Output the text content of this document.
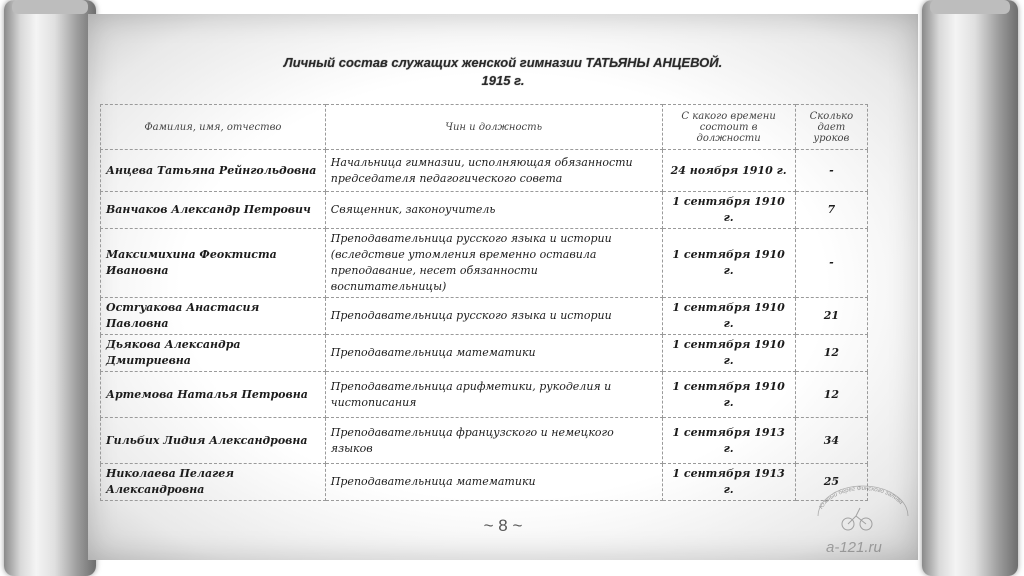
Личный состав служащих женской гимназии ТАТЬЯНЫ АНЦЕВОЙ.
1915 г.
Фамилия, имя, отчество	Чин и должность	С какого времени состоит в должности	Сколько дает уроков
Анцева Татьяна Рейнгольдовна	Начальница гимназии, исполняющая обязанности председателя педагогического совета	24 ноября 1910 г.	-
Ванчаков Александр Петрович	Священник, законоучитель	1 сентября 1910 г.	7
Максимихина Феоктиста Ивановна	Преподавательница русского языка и истории (вследствие утомления временно оставила преподавание, несет обязанности воспитательницы)	1 сентября 1910 г.	-
Остryакова Анастасия Павловна	Преподавательница русского языка и истории	1 сентября 1910 г.	21
Дьякова Александра Дмитриевна	Преподавательница математики	1 сентября 1910 г.	12
Артемова Наталья Петровна	Преподавательница арифметики, рукоделия и чистописания	1 сентября 1910 г.	12
Гильбих Лидия Александровна	Преподавательница французского и немецкого языков	1 сентября 1913 г.	34
Николаева Пелагея Александровна	Преподавательница математики	1 сентября 1913 г.	25
~ 8 ~
Южный берег Финского залива
a-121.ru
